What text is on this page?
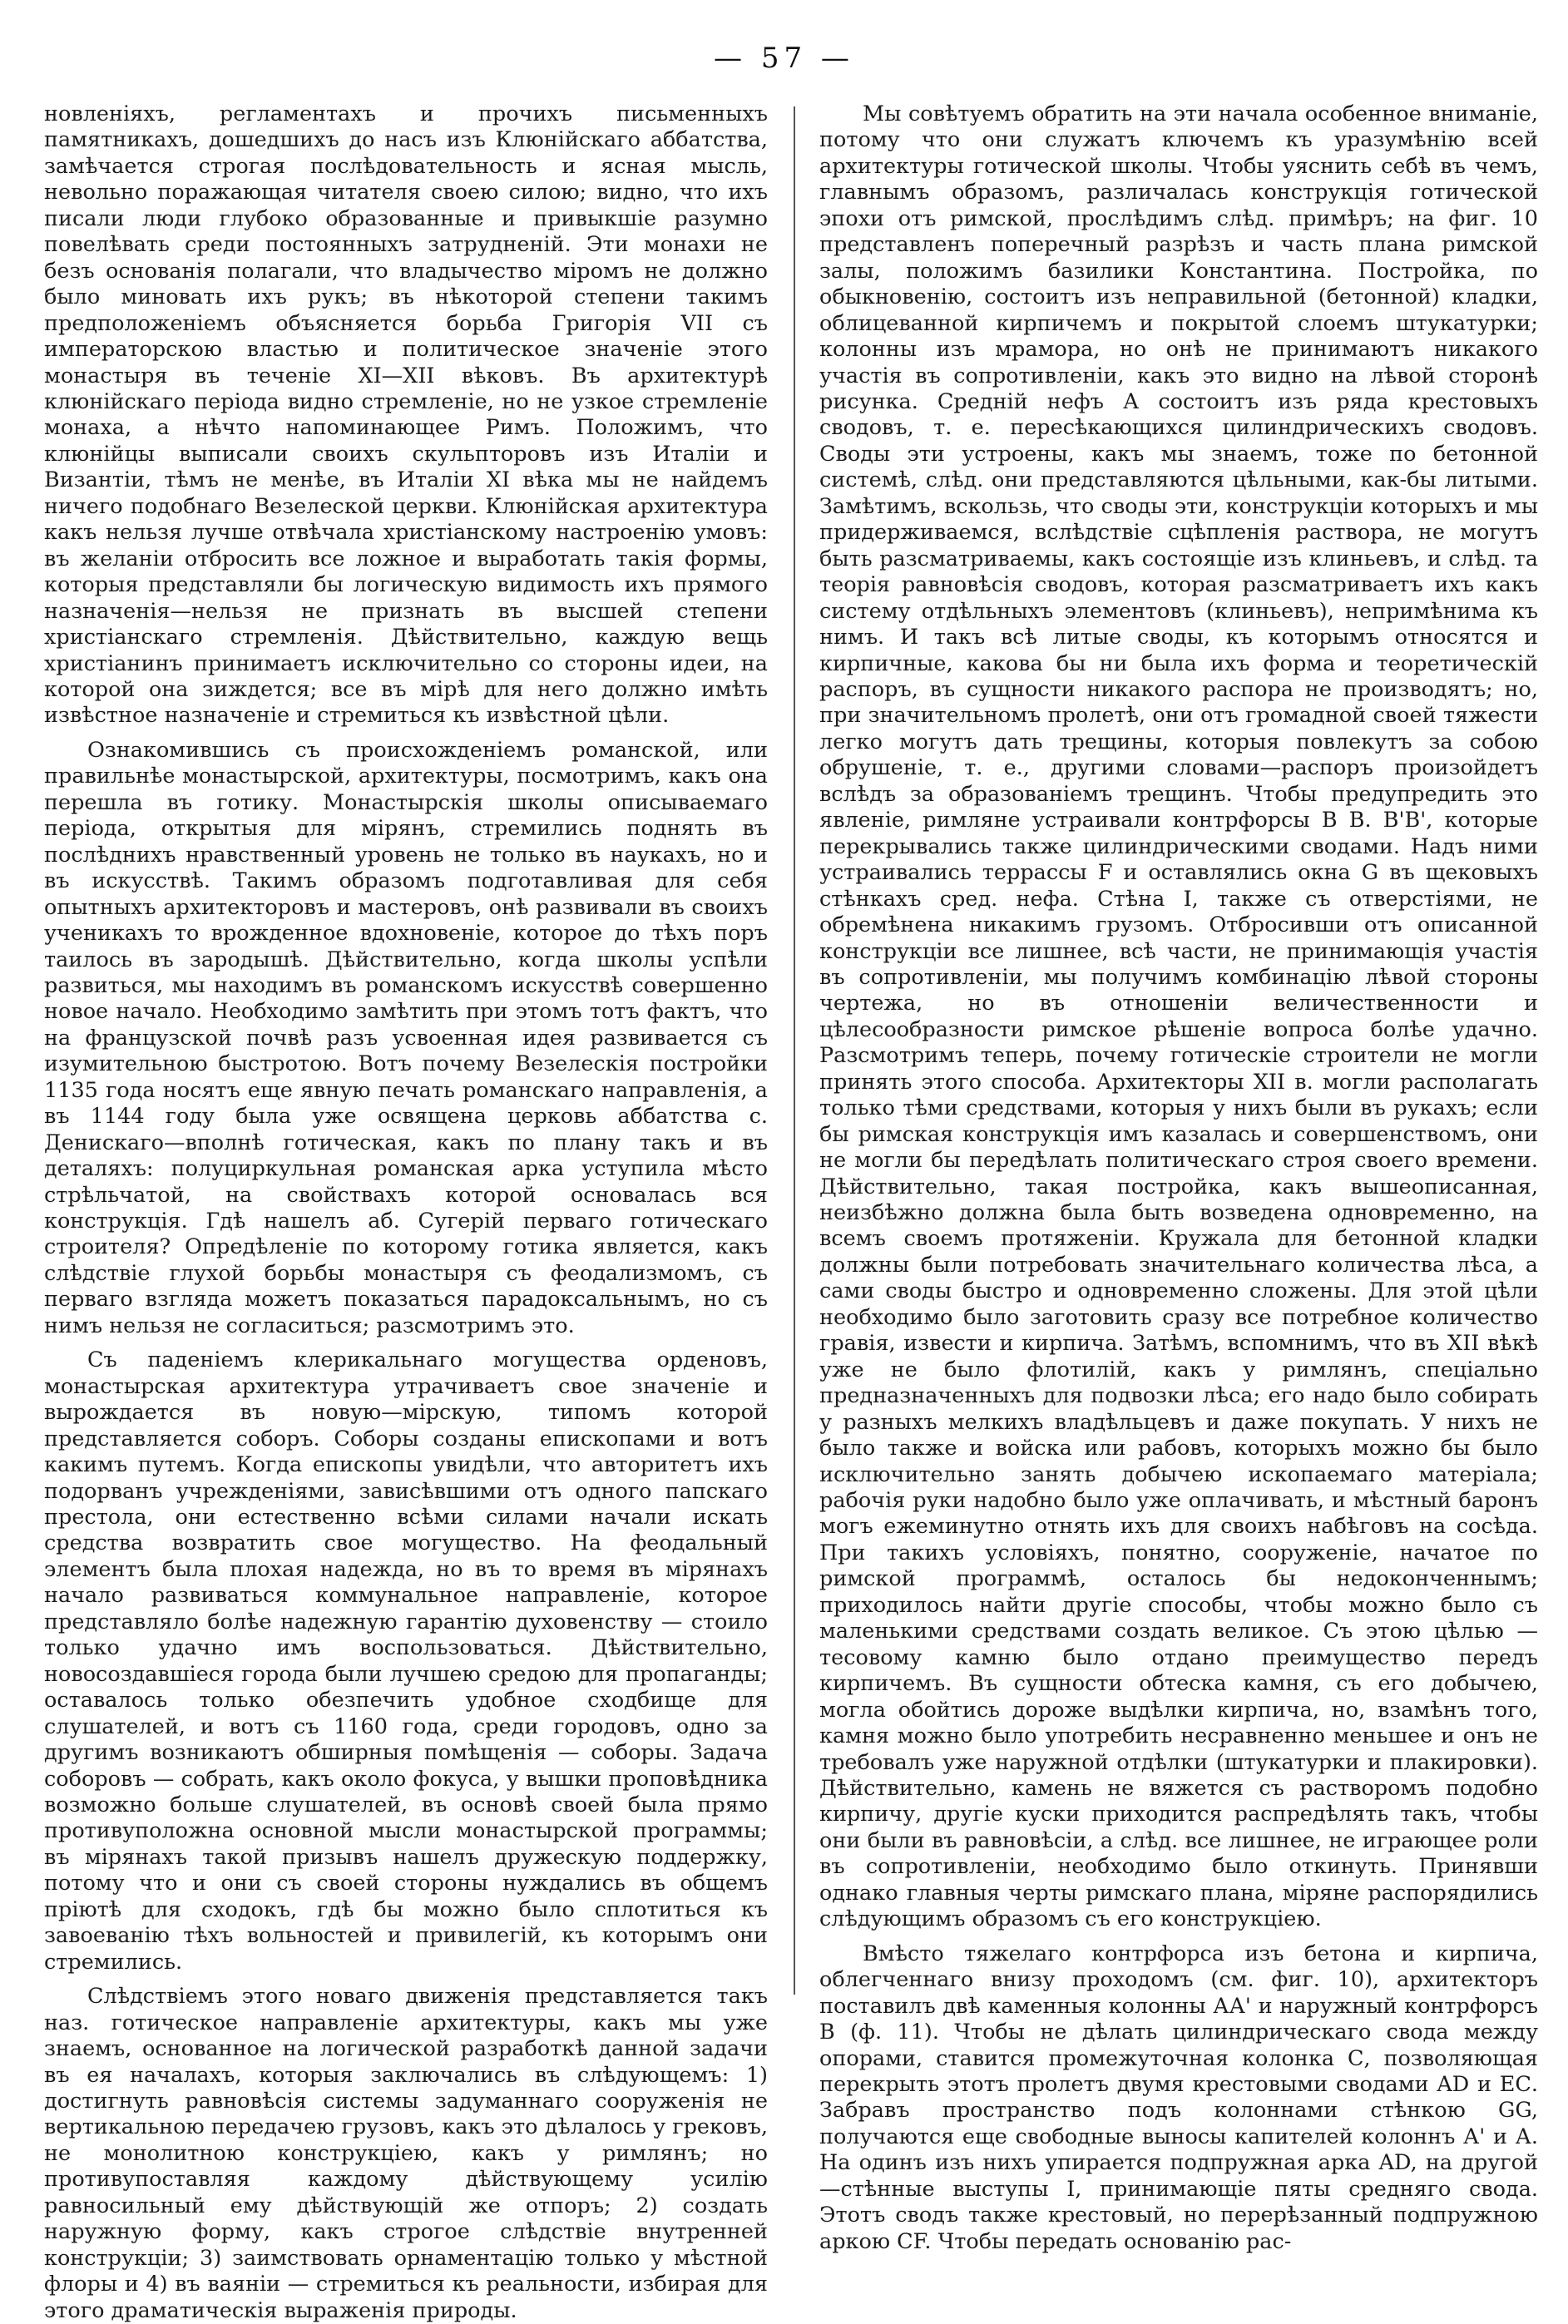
— 57 —

новленіяхъ, регламентахъ и прочихъ письменныхъ памятникахъ, дошедшихъ до насъ изъ Клюнійскаго аббатства, замѣчается строгая послѣдовательность и ясная мысль, невольно поражающая читателя своею силою; видно, что ихъ писали люди глубоко образованные и привыкшіе разумно повелѣвать среди постоянныхъ затрудненій. Эти монахи не безъ основанія полагали, что владычество міромъ не должно было миновать ихъ рукъ; въ нѣкоторой степени такимъ предположеніемъ объясняется борьба Григорія VII съ императорскою властью и политическое значеніе этого монастыря въ теченіе XI—XII вѣковъ. Въ архитектурѣ клюнійскаго періода видно стремленіе, но не узкое стремленіе монаха, а нѣчто напоминающее Римъ. Положимъ, что клюнійцы выписали своихъ скульпторовъ изъ Италіи и Византіи, тѣмъ не менѣе, въ Италіи XI вѣка мы не найдемъ ничего подобнаго Везелеской церкви. Клюнійская архитектура какъ нельзя лучше отвѣчала христіанскому настроенію умовъ: въ желаніи отбросить все ложное и выработать такія формы, которыя представляли бы логическую видимость ихъ прямого назначенія—нельзя не признать въ высшей степени христіанскаго стремленія. Дѣйствительно, каждую вещь христіанинъ принимаетъ исключительно со стороны идеи, на которой она зиждется; все въ мірѣ для него должно имѣть извѣстное назначеніе и стремиться къ извѣстной цѣли.

Ознакомившись съ происхожденіемъ романской, или правильнѣе монастырской, архитектуры, посмотримъ, какъ она перешла въ готику. Монастырскія школы описываемаго періода, открытыя для мірянъ, стремились поднять въ послѣднихъ нравственный уровень не только въ наукахъ, но и въ искусствѣ. Такимъ образомъ подготавливая для себя опытныхъ архитекторовъ и мастеровъ, онѣ развивали въ своихъ ученикахъ то врожденное вдохновеніе, которое до тѣхъ поръ таилось въ зародышѣ. Дѣйствительно, когда школы успѣли развиться, мы находимъ въ романскомъ искусствѣ совершенно новое начало. Необходимо замѣтить при этомъ тотъ фактъ, что на французской почвѣ разъ усвоенная идея развивается съ изумительною быстротою. Вотъ почему Везелескія постройки 1135 года носятъ еще явную печать романскаго направленія, а въ 1144 году была уже освящена церковь аббатства с. Денискаго—вполнѣ готическая, какъ по плану такъ и въ деталяхъ: полуциркульная романская арка уступила мѣсто стрѣльчатой, на свойствахъ которой основалась вся конструкція. Гдѣ нашелъ аб. Сугерій перваго готическаго строителя? Опредѣленіе по которому готика является, какъ слѣдствіе глухой борьбы монастыря съ феодализмомъ, съ перваго взгляда можетъ показаться парадоксальнымъ, но съ нимъ нельзя не согласиться; разсмотримъ это.

Съ паденіемъ клерикальнаго могущества орденовъ, монастырская архитектура утрачиваетъ свое значеніе и вырождается въ новую—мірскую, типомъ которой представляется соборъ. Соборы созданы епископами и вотъ какимъ путемъ. Когда епископы увидѣли, что авторитетъ ихъ подорванъ учрежденіями, зависѣвшими отъ одного папскаго престола, они естественно всѣми силами начали искать средства возвратить свое могущество. На феодальный элементъ была плохая надежда, но въ то время въ мірянахъ начало развиваться коммунальное направленіе, которое представляло болѣе надежную гарантію духовенству — стоило только удачно имъ воспользоваться. Дѣйствительно, новосоздавшіеся города были лучшею средою для пропаганды; оставалось только обезпечить удобное сходбище для слушателей, и вотъ съ 1160 года, среди городовъ, одно за другимъ возникаютъ обширныя помѣщенія — соборы. Задача соборовъ — собрать, какъ около фокуса, у вышки проповѣдника возможно больше слушателей, въ основѣ своей была прямо противуположна основной мысли монастырской программы; въ мірянахъ такой призывъ нашелъ дружескую поддержку, потому что и они съ своей стороны нуждались въ общемъ пріютѣ для сходокъ, гдѣ бы можно было сплотиться къ завоеванію тѣхъ вольностей и привилегій, къ которымъ они стремились.

Слѣдствіемъ этого новаго движенія представляется такъ наз. готическое направленіе архитектуры, какъ мы уже знаемъ, основанное на логической разработкѣ данной задачи въ ея началахъ, которыя заключались въ слѣдующемъ: 1) достигнуть равновѣсія системы задуманнаго сооруженія не вертикальною передачею грузовъ, какъ это дѣлалось у грековъ, не монолитною конструкціею, какъ у римлянъ; но противупоставляя каждому дѣйствующему усилію равносильный ему дѣйствующій же отпоръ; 2) создать наружную форму, какъ строгое слѣдствіе внутренней конструкціи; 3) заимствовать орнаментацію только у мѣстной флоры и 4) въ ваяніи — стремиться къ реальности, избирая для этого драматическія выраженія природы.

Мы совѣтуемъ обратить на эти начала особенное вниманіе, потому что они служатъ ключемъ къ уразумѣнію всей архитектуры готической школы. Чтобы уяснить себѣ въ чемъ, главнымъ образомъ, различалась конструкція готической эпохи отъ римской, прослѣдимъ слѣд. примѣръ; на фиг. 10 представленъ поперечный разрѣзъ и часть плана римской залы, положимъ базилики Константина. Постройка, по обыкновенію, состоитъ изъ неправильной (бетонной) кладки, облицеванной кирпичемъ и покрытой слоемъ штукатурки; колонны изъ мрамора, но онѣ не принимаютъ никакого участія въ сопротивленіи, какъ это видно на лѣвой сторонѣ рисунка. Средній нефъ А состоитъ изъ ряда крестовыхъ сводовъ, т. е. пересѣкающихся цилиндрическихъ сводовъ. Своды эти устроены, какъ мы знаемъ, тоже по бетонной системѣ, слѣд. они представляются цѣльными, как-бы литыми. Замѣтимъ, вскользь, что своды эти, конструкціи которыхъ и мы придерживаемся, вслѣдствіе сцѣпленія раствора, не могутъ быть разсматриваемы, какъ состоящіе изъ клиньевъ, и слѣд. та теорія равновѣсія сводовъ, которая разсматриваетъ ихъ какъ систему отдѣльныхъ элементовъ (клиньевъ), непримѣнима къ нимъ. И такъ всѣ литые своды, къ которымъ относятся и кирпичные, какова бы ни была ихъ форма и теоретическій распоръ, въ сущности никакого распора не производятъ; но, при значительномъ пролетѣ, они отъ громадной своей тяжести легко могутъ дать трещины, которыя повлекутъ за собою обрушеніе, т. е., другими словами—распоръ произойдетъ вслѣдъ за образованіемъ трещинъ. Чтобы предупредить это явленіе, римляне устраивали контрфорсы В В. В'В', которые перекрывались также цилиндрическими сводами. Надъ ними устраивались террассы F и оставлялись окна G въ щековыхъ стѣнкахъ сред. нефа. Стѣна I, также съ отверстіями, не обремѣнена никакимъ грузомъ. Отбросивши отъ описанной конструкціи все лишнее, всѣ части, не принимающія участія въ сопротивленіи, мы получимъ комбинацію лѣвой стороны чертежа, но въ отношеніи величественности и цѣлесообразности римское рѣшеніе вопроса болѣе удачно. Разсмотримъ теперь, почему готическіе строители не могли принять этого способа. Архитекторы XII в. могли располагать только тѣми средствами, которыя у нихъ были въ рукахъ; если бы римская конструкція имъ казалась и совершенствомъ, они не могли бы передѣлать политическаго строя своего времени. Дѣйствительно, такая постройка, какъ вышеописанная, неизбѣжно должна была быть возведена одновременно, на всемъ своемъ протяженіи. Кружала для бетонной кладки должны были потребовать значительнаго количества лѣса, а сами своды быстро и одновременно сложены. Для этой цѣли необходимо было заготовить сразу все потребное количество гравія, извести и кирпича. Затѣмъ, вспомнимъ, что въ XII вѣкѣ уже не было флотилій, какъ у римлянъ, спеціально предназначенныхъ для подвозки лѣса; его надо было собирать у разныхъ мелкихъ владѣльцевъ и даже покупать. У нихъ не было также и войска или рабовъ, которыхъ можно бы было исключительно занять добычею ископаемаго матеріала; рабочія руки надобно было уже оплачивать, и мѣстный баронъ могъ ежеминутно отнять ихъ для своихъ набѣговъ на сосѣда. При такихъ условіяхъ, понятно, сооруженіе, начатое по римской программѣ, осталось бы недоконченнымъ; приходилось найти другіе способы, чтобы можно было съ маленькими средствами создать великое. Съ этою цѣлью — тесовому камню было отдано преимущество передъ кирпичемъ. Въ сущности обтеска камня, съ его добычею, могла обойтись дороже выдѣлки кирпича, но, взамѣнъ того, камня можно было употребить несравненно меньшее и онъ не требовалъ уже наружной отдѣлки (штукатурки и плакировки). Дѣйствительно, камень не вяжется съ растворомъ подобно кирпичу, другіе куски приходится распредѣлять такъ, чтобы они были въ равновѣсіи, а слѣд. все лишнее, не играющее роли въ сопротивленіи, необходимо было откинуть. Принявши однако главныя черты римскаго плана, міряне распорядились слѣдующимъ образомъ съ его конструкціею.

Вмѣсто тяжелаго контрфорса изъ бетона и кирпича, облегченнаго внизу проходомъ (см. фиг. 10), архитекторъ поставилъ двѣ каменныя колонны АА' и наружный контрфорсъ В (ф. 11). Чтобы не дѣлать цилиндрическаго свода между опорами, ставится промежуточная колонка С, позволяющая перекрыть этотъ пролетъ двумя крестовыми сводами AD и ЕС. Забравъ пространство подъ колоннами стѣнкою GG, получаются еще свободные выносы капителей колоннъ А' и А. На одинъ изъ нихъ упирается подпружная арка AD, на другой—стѣнные выступы I, принимающіе пяты средняго свода. Этотъ сводъ также крестовый, но перерѣзанный подпружною аркою CF. Чтобы передать основанію рас-
